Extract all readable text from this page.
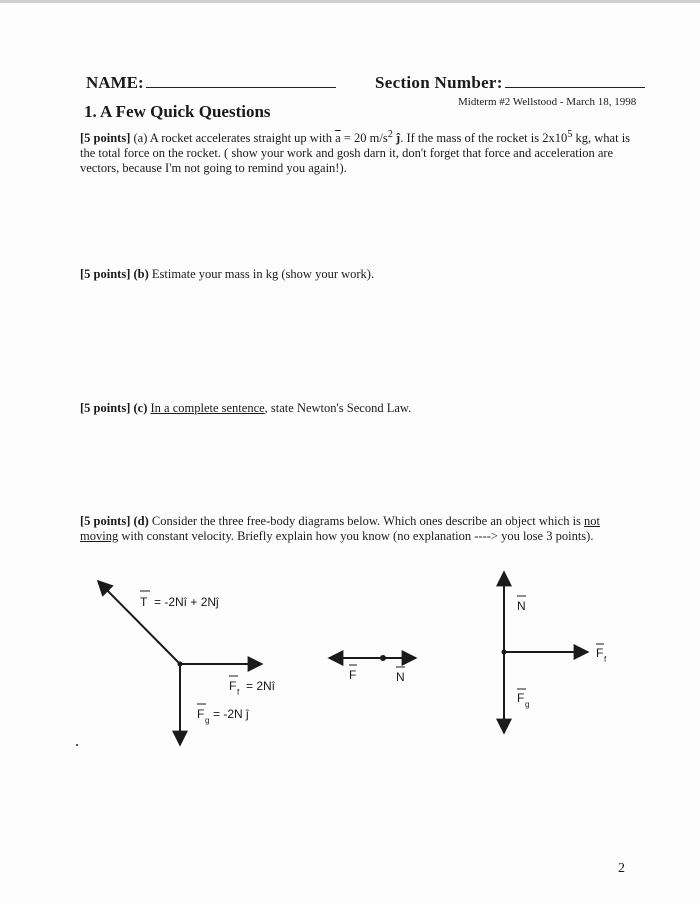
NAME:	Section Number:
Midterm #2 Wellstood - March 18, 1998
1. A Few Quick Questions
[5 points] (a) A rocket accelerates straight up with $\overline{a} = 20$ $m/s^2$ ĵ. If the mass of the rocket is $2x10^5$ kg, what is the total force on the rocket. ( show your work and gosh darn it, don't forget that force and acceleration are vectors, because I'm not going to remind you again!).
[5 points] (b) Estimate your mass in kg (show your work).
[5 points] (c) In a complete sentence, state Newton's Second Law.
[5 points] (d) Consider the three free-body diagrams below. Which ones describe an object which is not moving with constant velocity. Briefly explain how you know (no explanation ----> you lose 3 points).
T = -2Nî + 2Nĵ
F f = 2Nî
F g = -2N ĵ
F	N
N
F f
F g
2
